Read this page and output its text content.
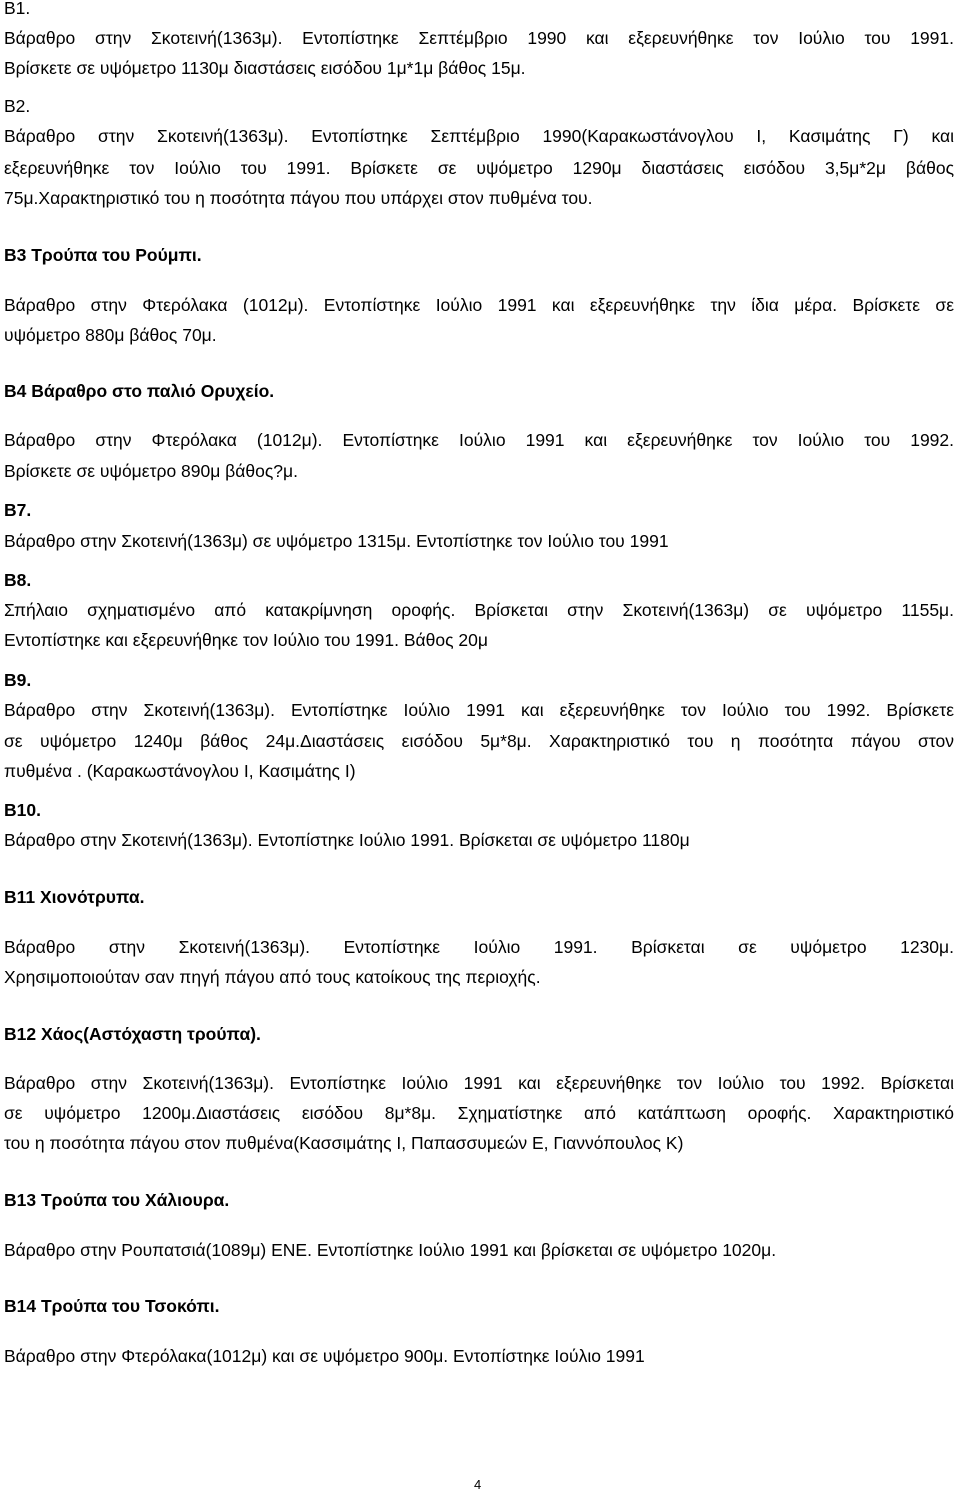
Β1.
Βάραθρο στην Σκοτεινή(1363μ). Εντοπίστηκε Σεπτέμβριο 1990 και εξερευνήθηκε τον Ιούλιο του 1991.
Βρίσκετε σε υψόμετρο 1130μ διαστάσεις εισόδου 1μ*1μ βάθος 15μ.
Β2.
Βάραθρο στην Σκοτεινή(1363μ). Εντοπίστηκε Σεπτέμβριο 1990(Καρακωστάνογλου Ι, Κασιμάτης Γ) και
εξερευνήθηκε τον Ιούλιο του 1991. Βρίσκετε σε υψόμετρο 1290μ διαστάσεις εισόδου 3,5μ*2μ βάθος
75μ.Χαρακτηριστικό του η ποσότητα πάγου που υπάρχει στον πυθμένα του.
Β3 Τρούπα του Ρούμπι.
Βάραθρο στην Φτερόλακα (1012μ). Εντοπίστηκε Ιούλιο 1991 και εξερευνήθηκε την ίδια μέρα. Βρίσκετε σε
υψόμετρο 880μ βάθος 70μ.
Β4 Βάραθρο στο παλιό Ορυχείο.
Βάραθρο στην Φτερόλακα (1012μ). Εντοπίστηκε Ιούλιο 1991 και εξερευνήθηκε τον Ιούλιο του 1992.
Βρίσκετε σε υψόμετρο 890μ βάθος?μ.
Β7.
Βάραθρο στην Σκοτεινή(1363μ) σε υψόμετρο 1315μ. Εντοπίστηκε τον Ιούλιο του 1991
Β8.
Σπήλαιο σχηματισμένο από κατακρίμνηση οροφής. Βρίσκεται στην Σκοτεινή(1363μ) σε υψόμετρο 1155μ.
Εντοπίστηκε και εξερευνήθηκε τον Ιούλιο του 1991. Βάθος 20μ
Β9.
Βάραθρο στην Σκοτεινή(1363μ). Εντοπίστηκε Ιούλιο 1991 και εξερευνήθηκε τον Ιούλιο του 1992. Βρίσκετε
σε υψόμετρο 1240μ βάθος 24μ.Διαστάσεις εισόδου 5μ*8μ. Χαρακτηριστικό του η ποσότητα πάγου στον
πυθμένα . (Καρακωστάνογλου Ι, Κασιμάτης Ι)
Β10.
Βάραθρο στην Σκοτεινή(1363μ). Εντοπίστηκε Ιούλιο 1991. Βρίσκεται σε υψόμετρο 1180μ
Β11 Χιονότρυπα.
Βάραθρο στην Σκοτεινή(1363μ). Εντοπίστηκε Ιούλιο 1991. Βρίσκεται σε υψόμετρο 1230μ.
Χρησιμοποιούταν σαν πηγή πάγου από τους κατοίκους της περιοχής.
Β12 Χάος(Αστόχαστη τρούπα).
Βάραθρο στην Σκοτεινή(1363μ). Εντοπίστηκε Ιούλιο 1991 και εξερευνήθηκε τον Ιούλιο του 1992. Βρίσκεται
σε υψόμετρο 1200μ.Διαστάσεις εισόδου 8μ*8μ. Σχηματίστηκε από κατάπτωση οροφής. Χαρακτηριστικό
του η ποσότητα πάγου στον πυθμένα(Κασσιμάτης Ι, Παπασσυμεών Ε, Γιαννόπουλος Κ)
Β13 Τρούπα του Χάλιουρα.
Βάραθρο στην Ρουπατσιά(1089μ) ΕΝΕ. Εντοπίστηκε Ιούλιο 1991 και βρίσκεται σε υψόμετρο 1020μ.
Β14 Τρούπα του Τσοκόπι.
Βάραθρο στην Φτερόλακα(1012μ) και σε υψόμετρο 900μ. Εντοπίστηκε Ιούλιο 1991
4
